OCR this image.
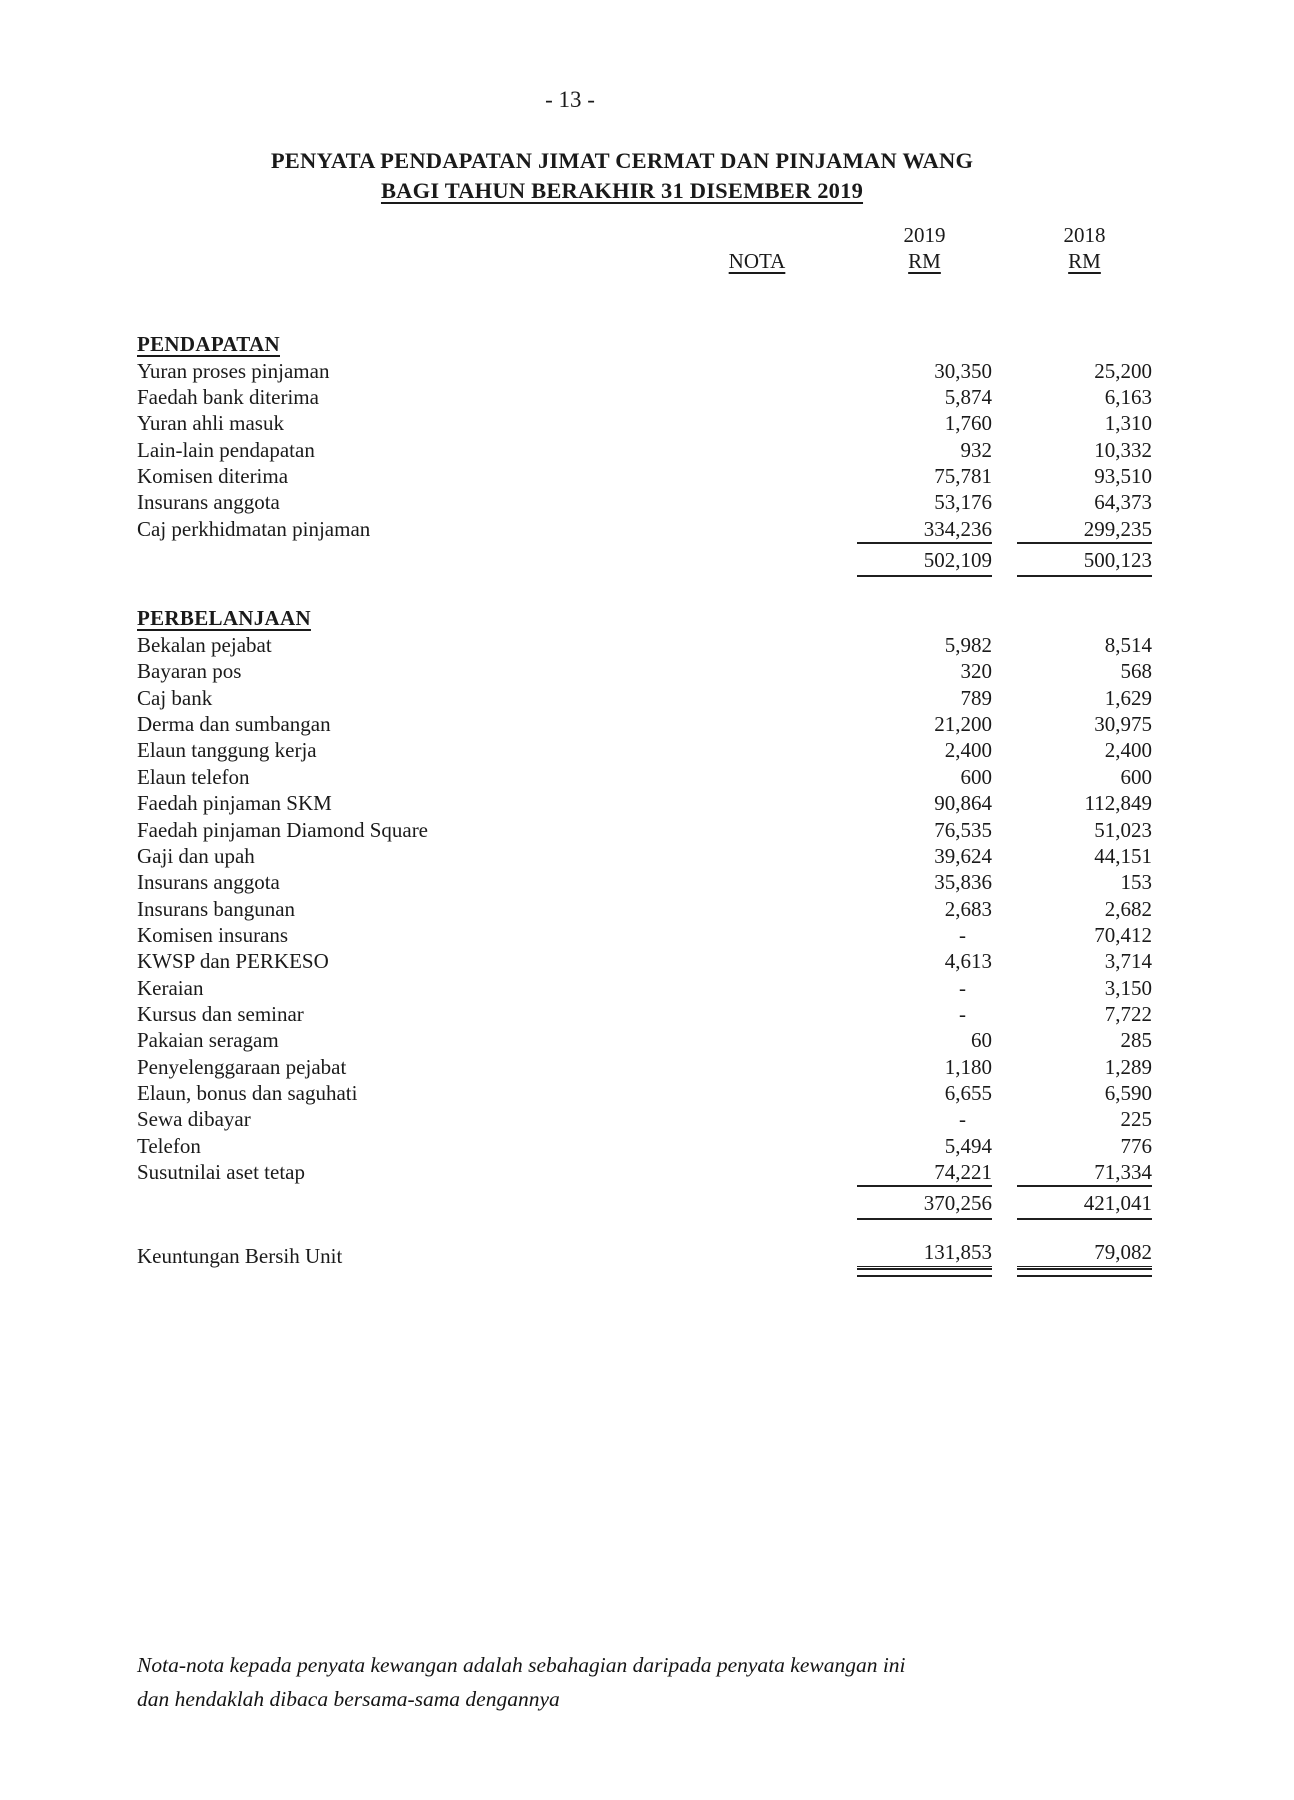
- 13 -
PENYATA PENDAPATAN JIMAT CERMAT DAN PINJAMAN WANG
BAGI TAHUN BERAKHIR 31 DISEMBER 2019
2019	2018
NOTA	RM	RM
PENDAPATAN
Yuran proses pinjaman	30,350	25,200
Faedah bank diterima	5,874	6,163
Yuran ahli masuk	1,760	1,310
Lain-lain pendapatan	932	10,332
Komisen diterima	75,781	93,510
Insurans anggota	53,176	64,373
Caj perkhidmatan pinjaman	334,236	299,235
502,109	500,123
PERBELANJAAN
Bekalan pejabat	5,982	8,514
Bayaran pos	320	568
Caj bank	789	1,629
Derma dan sumbangan	21,200	30,975
Elaun tanggung kerja	2,400	2,400
Elaun telefon	600	600
Faedah pinjaman SKM	90,864	112,849
Faedah pinjaman Diamond Square	76,535	51,023
Gaji dan upah	39,624	44,151
Insurans anggota	35,836	153
Insurans bangunan	2,683	2,682
Komisen insurans	-	70,412
KWSP dan PERKESO	4,613	3,714
Keraian	-	3,150
Kursus dan seminar	-	7,722
Pakaian seragam	60	285
Penyelenggaraan pejabat	1,180	1,289
Elaun, bonus dan saguhati	6,655	6,590
Sewa dibayar	-	225
Telefon	5,494	776
Susutnilai aset tetap	74,221	71,334
370,256	421,041
Keuntungan Bersih Unit	131,853	79,082
Nota-nota kepada penyata kewangan adalah sebahagian daripada penyata kewangan ini
dan hendaklah dibaca bersama-sama dengannya
